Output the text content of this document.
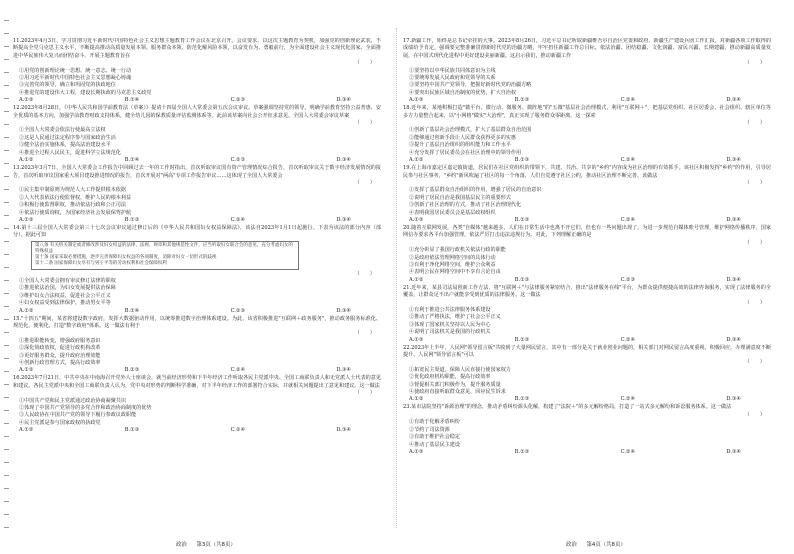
11.2023年4月3日，学习贯彻习近平新时代中国特色社会主义思想主题教育工作会议在北京召开。会议要求，以这次主题教育为契机，加强党的创新理论武装，不断提高全党马克思主义水平，不断提高推动高质量发展本领、服务群众本领、防范化解风险本领，以奋发有为、勇毅前行，为全面建设社会主义现代化国家、全面推进中华民族伟大复兴而团结奋斗。开展主题教育旨在
（　　）
①用党的创新理论统一思想、统一意志、统一行动
②用习近平新时代中国特色社会主义思想凝心铸魂
③完善党的领导，确立和巩固党的执政地位
④推进党的建设伟大工程，建设长期执政的马克思主义政党
A.①②	B.①④	C.②③	D.③④
12.2023年8月28日，《中华人民共和国学前教育法（草案）》提请十四届全国人大常委会第五次会议审议。草案强调坚持党的领导，明确学前教育坚持公益普惠、安全优质的基本方向，加强学前教育财政支持体系，健全幼儿园的保教质量评估监测体系等。此前该草案向社会公开征求意见。全国人大常委会审议草案
（　　）
①全国人大常委会依法行使最高立法权
②这是人民通过法定程序参与国家政治生活
③健全法治实施体系，提高法治建设水平
④推进全过程人民民主，促进科学立法规范化
A.①②	B.①④	C.②③	D.③④
13.2023年3月7日，全国人大常委会工作报告中回顾过去一年的工作时指出，首次听取审议国有资产管理情况综合报告，首次听取审议关于数字经济发展情况的报告，首次听取审议国家重大项目建设推进情况的报告，首次开展对"两高"专项工作报告审议……这体现了全国人大常委会
（　　）
①民主集中制原则为规范人大工作提供根本依据
②人大代表依法行使监督权，维护人民的根本利益
③积极行使监督职权，推动依法行政和公正司法
④依法行使质询权，为国家经济社会发展保驾护航
A.①②	B.①③	C.②④	D.③④
14.第十三届全国人大常委会第三十七次会议审议通过修订后的《中华人民共和国妇女权益保障法》，该法自2023年1月1日起施行。下表为该法的部分内容（部分）。据此可知
第八条 有关机关制定或者修改涉及妇女权益的法律、法规、规章和其他规范性文件，应当听取妇女联合会的意见，充分考虑妇女的特殊权益
第十条 国家采取必要措施，逐步完善保障妇女权益的各项制度，消除对妇女一切形式的歧视
第十二条 国家保障妇女享有与男子平等的劳动权利和社会保障权利
（　　）
①全国人大常委会拥有审议修订法律的职权
②推进依法治国，为妇女发展提供法治保障
③维护妇女合法权益，促进社会公平正义
④妇女权益受到法律保护，推动男女平等
A.①②	B.①④	C.②③	D.③④
15."十四五"期间，某省将建设数字政府，发挥大数据驱动作用，以统筹推进数字治理体系建设。为此，该省积极推进"互联网＋政务服务"，推动政务服务标准化、规范化、便利化，打造"数字政府"体系。这一做法有利于
（　　）
①推进职能转变，增强政府服务意识
②深化简政放权，促进行政机构改革
③更好服务群众，提升政府治理效能
④创新行政管理方式，提高行政效率
A.①②	B.①③	C.②④	D.③④
16.2023年7月21日，中共中央在中南海召开党外人士座谈会，就当前经济形势和下半年经济工作听取各民主党派中央、全国工商联负责人和无党派人士代表的意见和建议。各民主党派中央和全国工商联负责人认为，党中央对形势的判断科学准确，对下半年经济工作的部署符合实际，并就相关问题提出了意见和建议。这一做法
（　　）
①中国共产党和民主党派通过政治协商凝聚共识
②体现了中国共产党领导的多党合作和政治协商制度的优势
③人民政协在中国共产党的领导下履行参政议政职能
④民主党派是参与国家政权的执政党
A.①②	B.①③	C.②④	D.③④
17.新疆工作，始终是总书记牵挂的大事。2023年8月26日，习近平总书记听取新疆维吾尔自治区党委和政府、新疆生产建设兵团工作汇报，对新疆各项工作取得的成绩给予肯定，强调要完整准确贯彻新时代党的治疆方略，牢牢扭住新疆工作总目标，依法治疆、团结稳疆、文化润疆、富民兴疆、长期建疆，推动新疆高质量发展，在中国式现代化进程中更好建设美丽新疆。这启示我们，推动新疆工作
（　　）
①要坚持以中华民族共同体意识为主线
②要统筹发展人民政府和党领导的关系
③要坚持中国共产党领导，把握好新时代党的治疆方略
④要突出民族区域自治制度的优势，扩大自治权
A.①②	B.①③	C.②④	D.③④
18.近年来，某地积极打造"微平台、微行动、微服务、微阵地"的"五微"基层社会治理模式，利用"互联网＋"，把基层党组织、社区居委会、社会组织、辖区单位等多方力量整合起来，以"小网格"做实"大治理"，真正实现了服务群众零距离。这一探索
（　　）
①创新了基层社会治理模式，扩大了基层群众自治范围
②能够通过创新手段让人民群众获得更多的实惠
③提升了基层自治组织的组织能力和工作水平
④充分发挥了居民委员会在社区治理中的领导作用
A.①②	B.①③	C.②④	D.③④
19.在上海市嘉定区嘉定镇街道，居民们在社区党组织的带领下，共建、共治、共享的"乡约"内容成为社区治理的有效抓手。该社区积极发挥"乡约"的作用，引导居民参与社区事务，"乡约"新风吹遍了社区的每一个角落，人们自觉遵守社区公约，推动社区治理不断完善。该做法
（　　）
①发挥了基层群众自治组织的作用，增强了居民的自治意识
②说明了居民自治是我国基层民主的重要形式
③创新了社区治理的方式，推动了社区治理现代化
④表明我国居民委员会是基层政权组织
A.①②	B.①③	C.②④	D.③④
20.随着互联网发展，各类"自媒体"越来越多，人们在日常生活中也离不开它们，但也有一些问题出现了。为进一步规范自媒体账号管理，维护网络传播秩序，国家网信办要求各平台加强管理，依法严厉打击违法违规行为。对此，下列理解正确的是
（　　）
①充分彰显了我国行政机关依法行政的职能
②是政府依法管理网络空间的具体行动
③有利于净化网络空间，维护公众利益
④表明公民在网络空间中不享有言论自由
A.①②	B.①③	C.②③	D.③④
21.近年来，某县司法局创新工作方法，将"互联网＋"与法律服务紧密结合，推出"法律服务在线"平台，为群众提供便捷高效的法律咨询服务，实现了法律服务的全覆盖，让群众足不出户就能享受到优质的法律服务。这一做法
（　　）
①有利于推进公共法律服务体系建设
②推动了严格执法，维护了社会公平正义
③体现了国家机关坚持以人民为中心
④说明了司法机关是我国的行政机关
A.①②	B.①③	C.②④	D.③④
22.2023年上半年，人民网"领导留言板"共收到了大量网民留言，其中有一部分是关于就业创业问题的，相关部门对网民留言高度重视，积极回应，办理满意度不断提升。人民网"领导留言板"可以
（　　）
①拓宽民主渠道，保障人民直接行使国家权力
②优化政府机构职能，提高行政效率
③督促相关部门积极作为，提升服务质量
④使政府直接听取群众意见，回应民生诉求
A.①②	B.①③	C.②④	D.③④
23.某市法院坚持"诉源治理"的理念，推动矛盾纠纷源头化解，构建了"法院＋"的多元解纷格局，打造了一站式多元解纷和诉讼服务体系。这一做法
（　　）
①有助于化解矛盾纠纷
②节约了司法资源
③有助于维护社会稳定
④推动了基层民主建设
A.①②	B.①③	C.②④	D.③④
政治 第3页（共8页）	政治 第4页（共8页）
